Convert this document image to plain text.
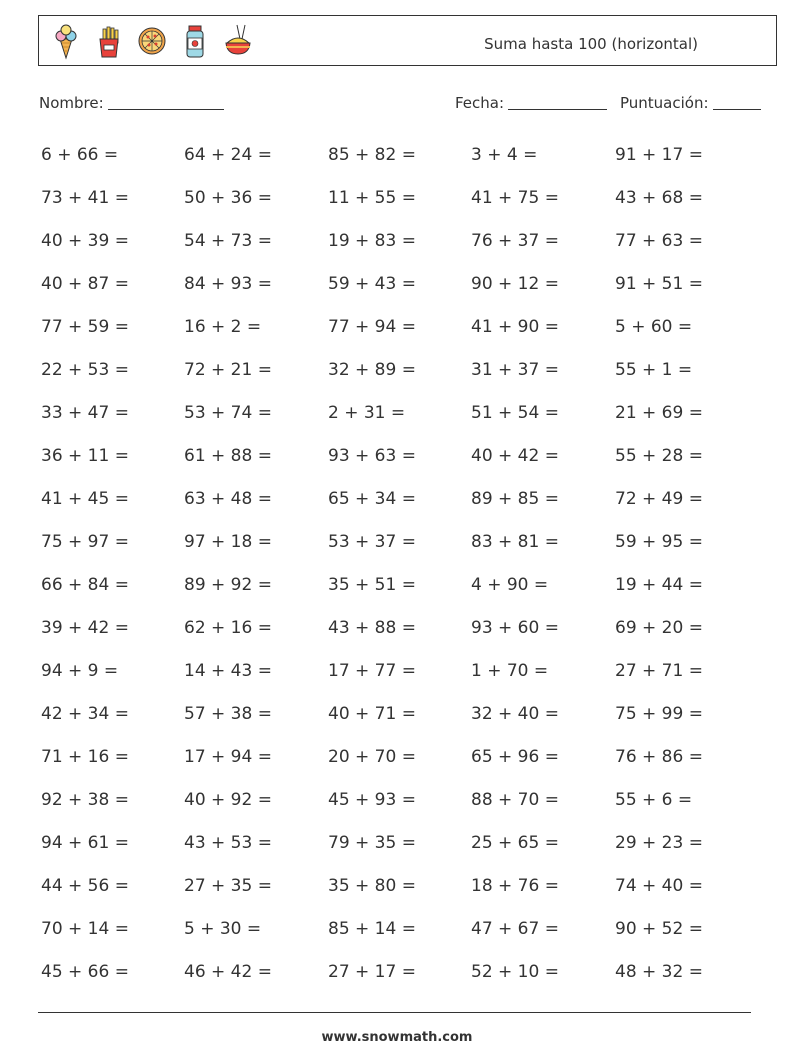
Suma hasta 100 (horizontal)
Nombre:	Fecha:	Puntuación:
6 + 66 =	64 + 24 =	85 + 82 =	3 + 4 =	91 + 17 =
73 + 41 =	50 + 36 =	11 + 55 =	41 + 75 =	43 + 68 =
40 + 39 =	54 + 73 =	19 + 83 =	76 + 37 =	77 + 63 =
40 + 87 =	84 + 93 =	59 + 43 =	90 + 12 =	91 + 51 =
77 + 59 =	16 + 2 =	77 + 94 =	41 + 90 =	5 + 60 =
22 + 53 =	72 + 21 =	32 + 89 =	31 + 37 =	55 + 1 =
33 + 47 =	53 + 74 =	2 + 31 =	51 + 54 =	21 + 69 =
36 + 11 =	61 + 88 =	93 + 63 =	40 + 42 =	55 + 28 =
41 + 45 =	63 + 48 =	65 + 34 =	89 + 85 =	72 + 49 =
75 + 97 =	97 + 18 =	53 + 37 =	83 + 81 =	59 + 95 =
66 + 84 =	89 + 92 =	35 + 51 =	4 + 90 =	19 + 44 =
39 + 42 =	62 + 16 =	43 + 88 =	93 + 60 =	69 + 20 =
94 + 9 =	14 + 43 =	17 + 77 =	1 + 70 =	27 + 71 =
42 + 34 =	57 + 38 =	40 + 71 =	32 + 40 =	75 + 99 =
71 + 16 =	17 + 94 =	20 + 70 =	65 + 96 =	76 + 86 =
92 + 38 =	40 + 92 =	45 + 93 =	88 + 70 =	55 + 6 =
94 + 61 =	43 + 53 =	79 + 35 =	25 + 65 =	29 + 23 =
44 + 56 =	27 + 35 =	35 + 80 =	18 + 76 =	74 + 40 =
70 + 14 =	5 + 30 =	85 + 14 =	47 + 67 =	90 + 52 =
45 + 66 =	46 + 42 =	27 + 17 =	52 + 10 =	48 + 32 =
www.snowmath.com
